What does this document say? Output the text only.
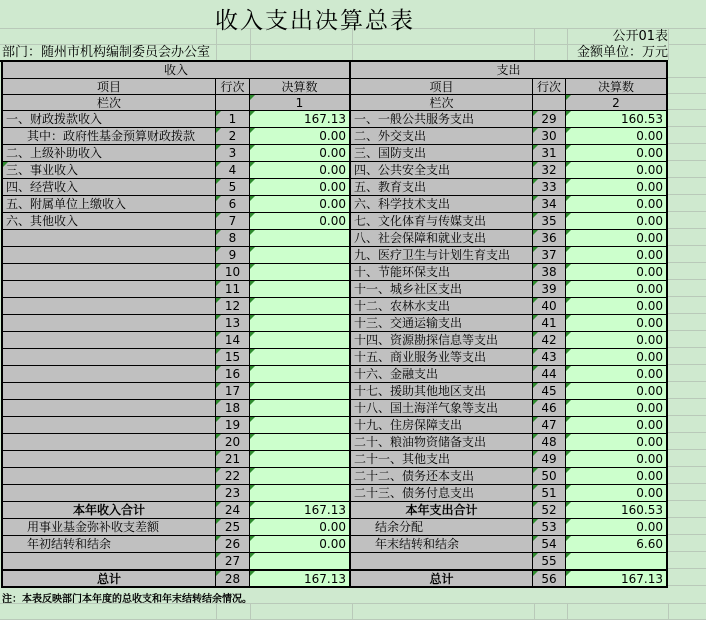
收入支出决算总表
公开01表
部门：随州市机构编制委员会办公室	金额单位：万元
收入	支出
项目	行次	决算数	项目	行次	决算数
栏次	1	栏次	2
一、财政拨款收入	1	167.13 一、一般公共服务支出	29	160.53
其中：政府性基金预算财政拨款	2	0.00 二、外交支出	30	0.00
二、上级补助收入	3	0.00 三、国防支出	31	0.00
三、事业收入	4	0.00 四、公共安全支出	32	0.00
四、经营收入	5	0.00 五、教育支出	33	0.00
五、附属单位上缴收入	6	0.00 六、科学技术支出	34	0.00
六、其他收入	7	0.00 七、文化体育与传媒支出	35	0.00
8	八、社会保障和就业支出	36	0.00
9	九、医疗卫生与计划生育支出	37	0.00
10	十、节能环保支出	38	0.00
11	十一、城乡社区支出	39	0.00
12	十二、农林水支出	40	0.00
13	十三、交通运输支出	41	0.00
14	十四、资源勘探信息等支出	42	0.00
15	十五、商业服务业等支出	43	0.00
16	十六、金融支出	44	0.00
17	十七、援助其他地区支出	45	0.00
18	十八、国土海洋气象等支出	46	0.00
19	十九、住房保障支出	47	0.00
20	二十、粮油物资储备支出	48	0.00
21	二十一、其他支出	49	0.00
22	二十二、债务还本支出	50	0.00
23	二十三、债务付息支出	51	0.00
本年收入合计	24	167.13	本年支出合计	52	160.53
用事业基金弥补收支差额	25	0.00	结余分配	53	0.00
年初结转和结余	26	0.00	年末结转和结余	54	6.60
27	55
总计	28	167.13	总计	56	167.13
注：本表反映部门本年度的总收支和年末结转结余情况。
